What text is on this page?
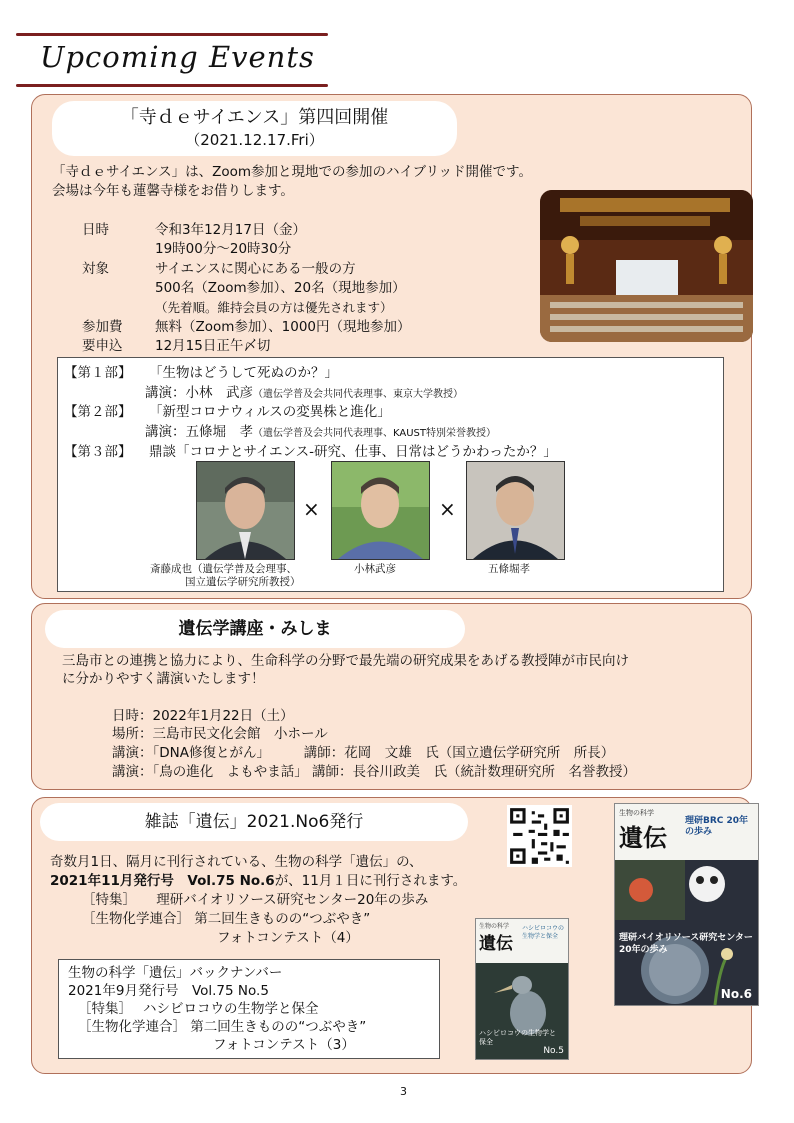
Upcoming Events
「寺ｄｅサイエンス」第四回開催
（2021.12.17.Fri）
「寺ｄｅサイエンス」は、Zoom参加と現地での参加のハイブリッド開催です。
会場は今年も蓮馨寺様をお借りします。
日時	令和3年12月17日（金）
19時00分～20時30分
対象	サイエンスに関心にある一般の方
500名（Zoom参加）、20名（現地参加）
（先着順。維持会員の方は優先されます）
参加費 無料（Zoom参加）、1000円（現地参加）
要申込 12月15日正午〆切
【第１部】 「生物はどうして死ぬのか？」
講演：小林　武彦（遺伝学普及会共同代表理事、東京大学教授）
【第２部】 「新型コロナウィルスの変異株と進化」
講演：五條堀　孝（遺伝学普及会共同代表理事、KAUST特別栄誉教授）
【第３部】 鼎談「コロナとサイエンス-研究、仕事、日常はどうかわったか？」
×	×
斎藤成也（遺伝学普及会理事、
国立遺伝学研究所教授）
小林武彦	五條堀孝
遺伝学講座・みしま
三島市との連携と協力により、生命科学の分野で最先端の研究成果をあげる教授陣が市民向け
に分かりやすく講演いたします！
日時：2022年1月22日（土）
場所：三島市民文化会館　小ホール
講演：「DNA修復とがん」　　　講師：花岡　文雄　氏（国立遺伝学研究所　所長）
講演：「鳥の進化　よもやま話」 講師：長谷川政美　氏（統計数理研究所　名誉教授）
雑誌「遺伝」2021.No6発行
奇数月1日、隔月に刊行されている、生物の科学「遺伝」の、
2021年11月発行号　Vol.75 No.6が、11月１日に刊行されます。
［特集］　　理研バイオリソース研究センター20年の歩み
［生物化学連合］ 第二回生きものの“つぶやき”
　　　　　　　　　　フォトコンテスト（4）
生物の科学「遺伝」バックナンバー
2021年9月発行号　Vol.75 No.5
［特集］　 ハシビロコウの生物学と保全
［生物化学連合］ 第二回生きものの“つぶやき”
　　　　　　　　　　フォトコンテスト（3）
生物の科学
遺伝
ハシビロコウの生物学と保全
ハシビロコウの生物学と保全
No.5
生物の科学
遺伝
理研BRC 20年の歩み
理研バイオリソース研究センター20年の歩み
No.6
3
